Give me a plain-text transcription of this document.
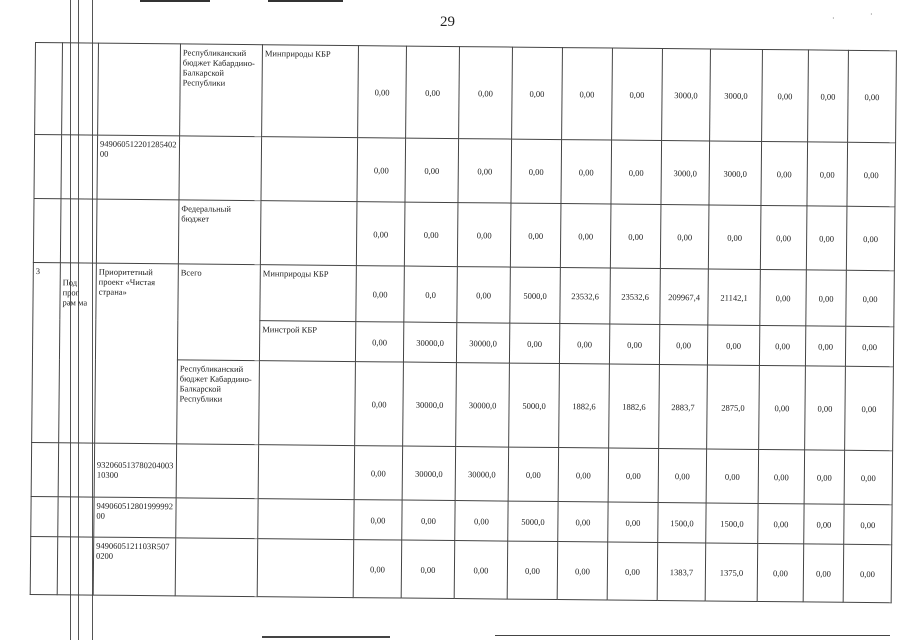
29	·	·
			Республиканский бюджет Кабардино-Балкарской Республики	Минприроды КБР	0,00	0,00	0,00	0,00	0,00	0,00	3000,0	3000,0	0,00	0,00	0,00
		94906051220128540200			0,00	0,00	0,00	0,00	0,00	0,00	3000,0	3000,0	0,00	0,00	0,00
			Федеральный бюджет		0,00	0,00	0,00	0,00	0,00	0,00	0,00	0,00	0,00	0,00	0,00
3	Под прог рам ма	Приоритетный проект «Чистая страна»	Всего	Минприроды КБР	0,00	0,0	0,00	5000,0	23532,6	23532,6	209967,4	21142,1	0,00	0,00	0,00
				Минстрой КБР	0,00	30000,0	30000,0	0,00	0,00	0,00	0,00	0,00	0,00	0,00	0,00
			Республиканский бюджет Кабардино-Балкарской Республики		0,00	30000,0	30000,0	5000,0	1882,6	1882,6	2883,7	2875,0	0,00	0,00	0,00
		93206051378020400310300			0,00	30000,0	30000,0	0,00	0,00	0,00	0,00	0,00	0,00	0,00	0,00
		94906051280199999200			0,00	0,00	0,00	5000,0	0,00	0,00	1500,0	1500,0	0,00	0,00	0,00
		9490605121103R5070200			0,00	0,00	0,00	0,00	0,00	0,00	1383,7	1375,0	0,00	0,00	0,00
